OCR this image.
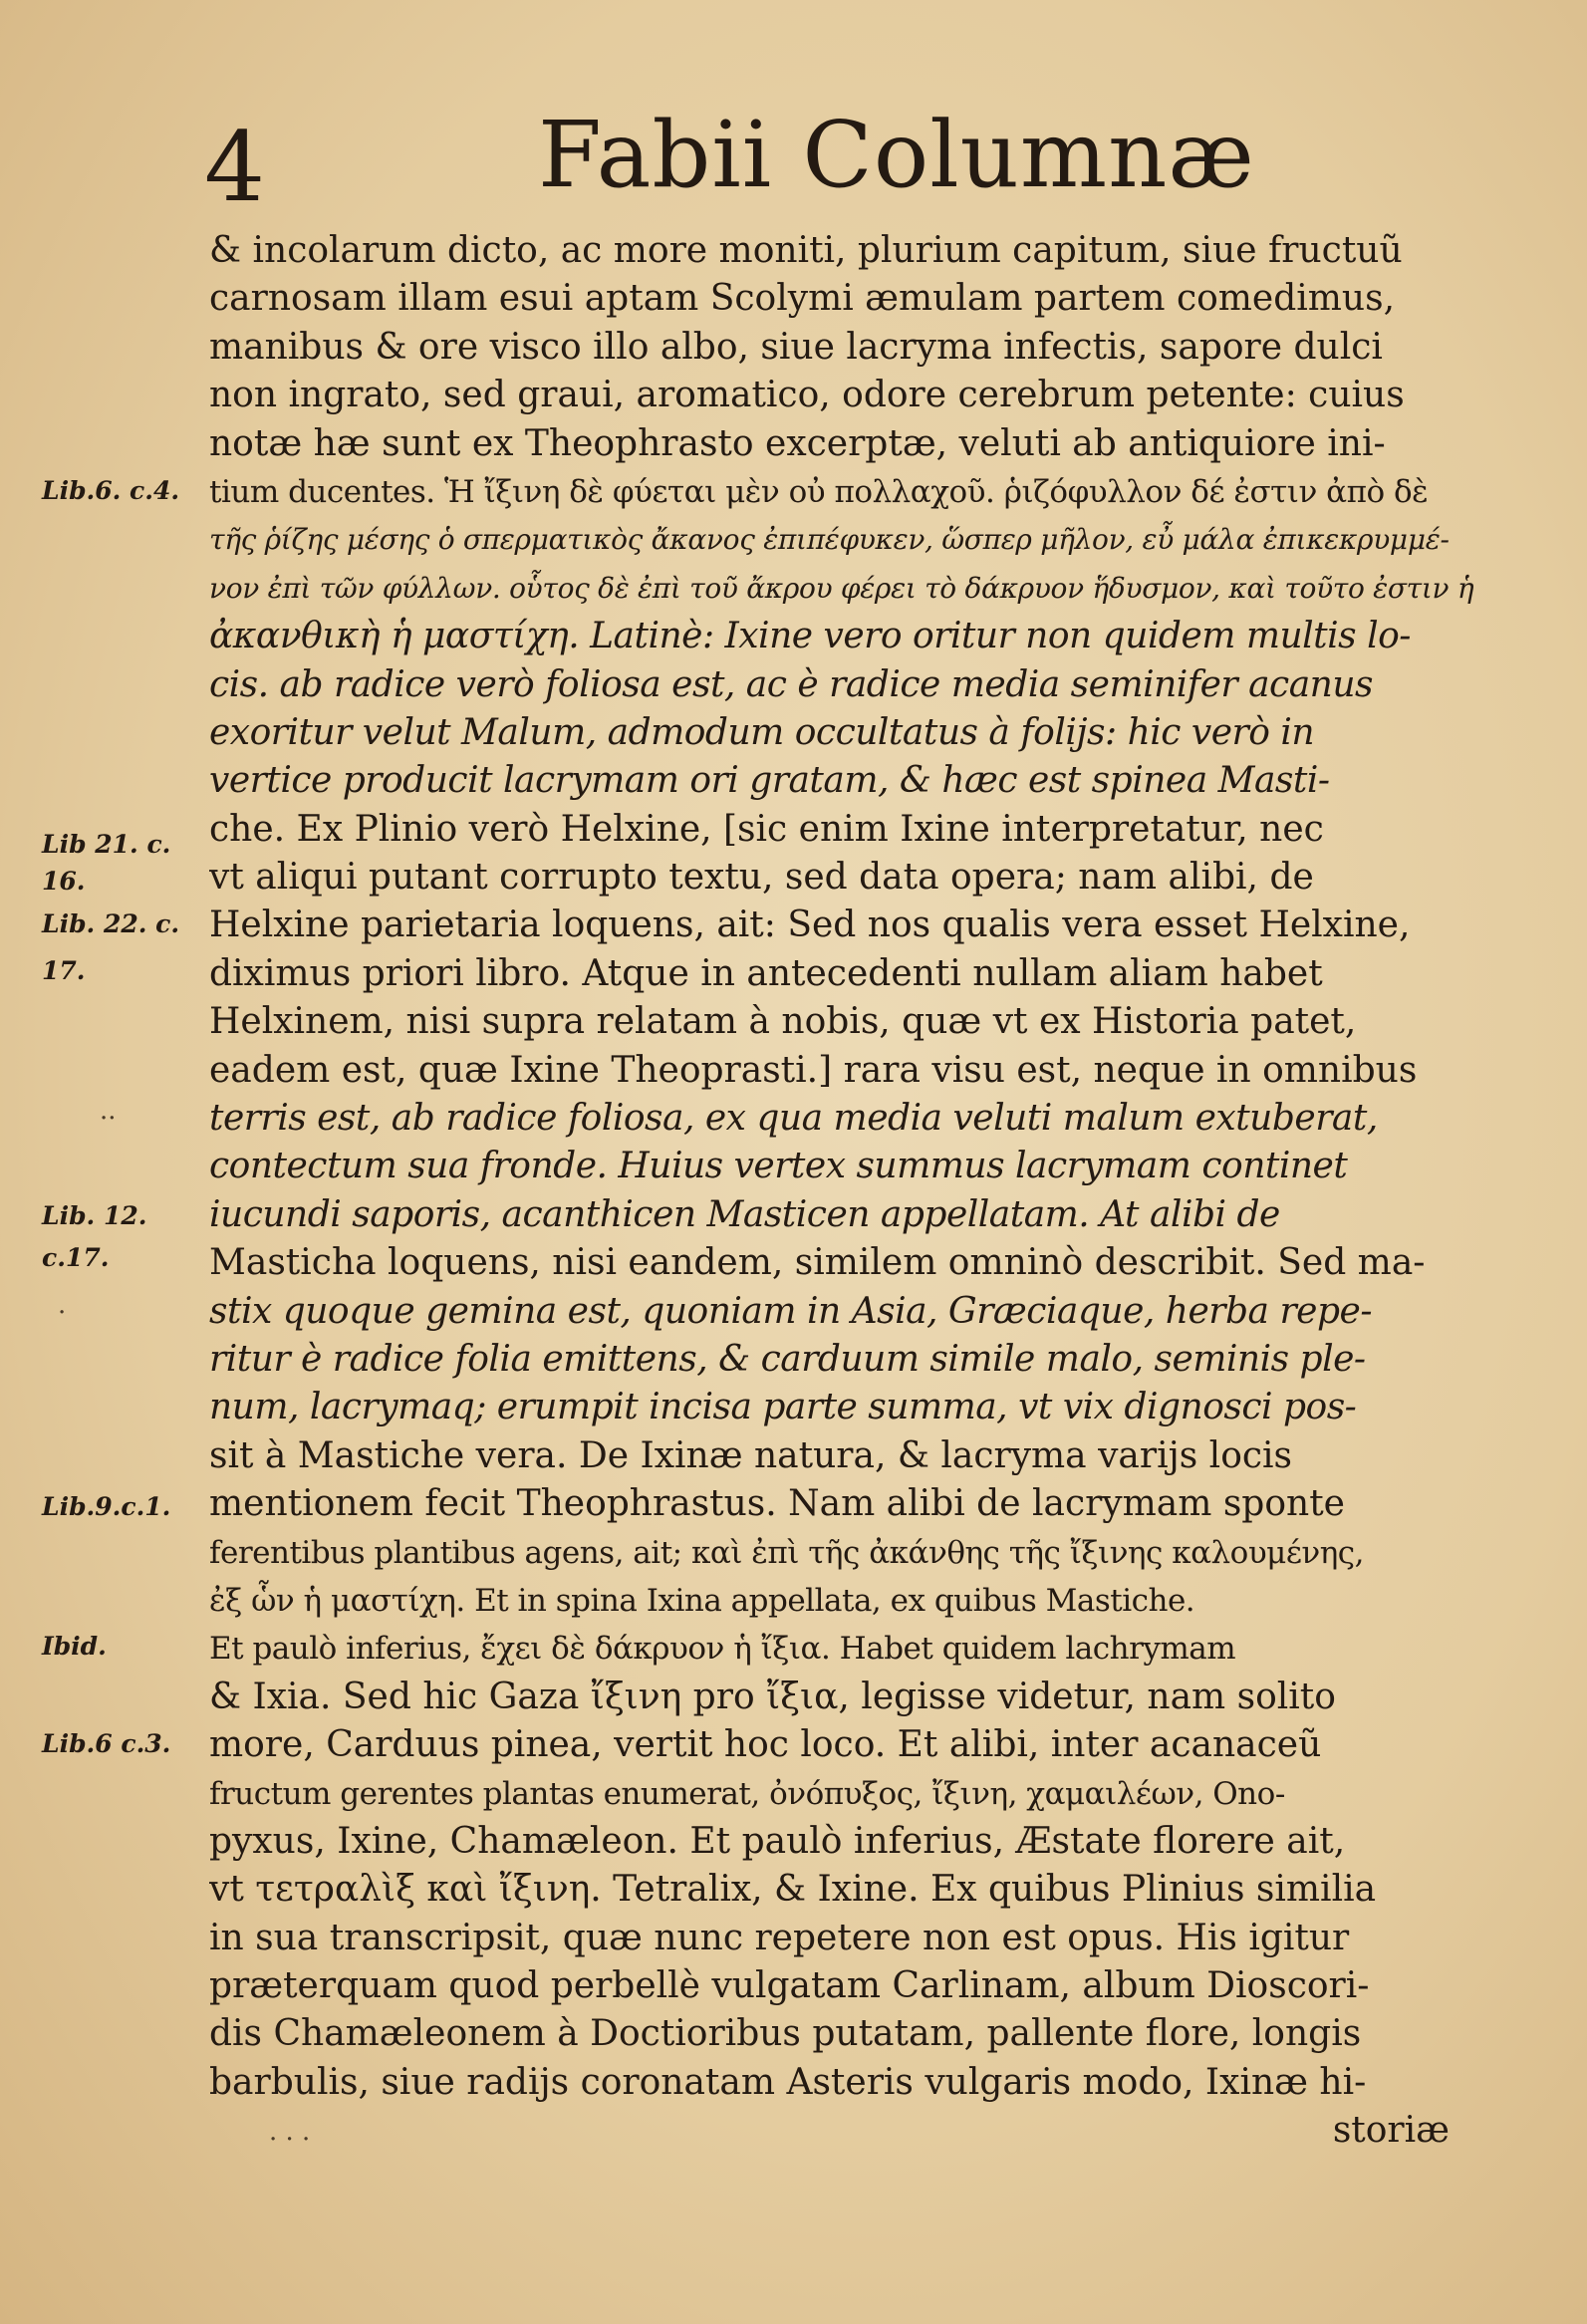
4	Fabii Columnæ
& incolarum dicto, ac more moniti, plurium capitum, siue fructuũ
carnosam illam esui aptam Scolymi æmulam partem comedimus,
manibus & ore visco illo albo, siue lacryma infectis, sapore dulci
non ingrato, sed graui, aromatico, odore cerebrum petente: cuius
notæ hæ sunt ex Theophrasto excerptæ, veluti ab antiquiore ini-
tium ducentes. Ἡ ἴξινη δὲ φύεται μὲν οὐ πολλαχοῦ. ῥιζόφυλλον δέ ἐστιν ἀπὸ δὲ
τῆς ῥίζης μέσης ὁ σπερματικὸς ἄκανος ἐπιπέφυκεν, ὥσπερ μῆλον, εὖ μάλα ἐπικεκρυμμέ-
νον ἐπὶ τῶν φύλλων. οὗτος δὲ ἐπὶ τοῦ ἄκρου φέρει τὸ δάκρυον ἥδυσμον, καὶ τοῦτο ἐστιν ἡ
ἀκανθικὴ ἡ μαστίχη. Latinè: Ixine vero oritur non quidem multis lo-
cis. ab radice verò foliosa est, ac è radice media seminifer acanus
exoritur velut Malum, admodum occultatus à folijs: hic verò in
vertice producit lacrymam ori gratam, & hæc est spinea Masti-
che. Ex Plinio verò Helxine, [sic enim Ixine interpretatur, nec
vt aliqui putant corrupto textu, sed data opera; nam alibi, de
Helxine parietaria loquens, ait: Sed nos qualis vera esset Helxine,
diximus priori libro. Atque in antecedenti nullam aliam habet
Helxinem, nisi supra relatam à nobis, quæ vt ex Historia patet,
eadem est, quæ Ixine Theoprasti.] rara visu est, neque in omnibus
terris est, ab radice foliosa, ex qua media veluti malum extuberat,
contectum sua fronde. Huius vertex summus lacrymam continet
iucundi saporis, acanthicen Masticen appellatam. At alibi de
Masticha loquens, nisi eandem, similem omninò describit. Sed ma-
stix quoque gemina est, quoniam in Asia, Græciaque, herba repe-
ritur è radice folia emittens, & carduum simile malo, seminis ple-
num, lacrymaq; erumpit incisa parte summa, vt vix dignosci pos-
sit à Mastiche vera. De Ixinæ natura, & lacryma varijs locis
mentionem fecit Theophrastus. Nam alibi de lacrymam sponte
ferentibus plantibus agens, ait; καὶ ἐπὶ τῆς ἀκάνθης τῆς ἴξινης καλουμένης,
ἐξ ὧν ἡ μαστίχη. Et in spina Ixina appellata, ex quibus Mastiche.
Et paulò inferius, ἔχει δὲ δάκρυον ἡ ἴξια. Habet quidem lachrymam
& Ixia. Sed hic Gaza ἴξινη pro ἴξια, legisse videtur, nam solito
more, Carduus pinea, vertit hoc loco. Et alibi, inter acanaceũ
fructum gerentes plantas enumerat, ὀνόπυξος, ἴξινη, χαμαιλέων, Ono-
pyxus, Ixine, Chamæleon. Et paulò inferius, Æstate florere ait,
vt τετραλὶξ καὶ ἴξινη. Tetralix, & Ixine. Ex quibus Plinius similia
in sua transcripsit, quæ nunc repetere non est opus. His igitur
præterquam quod perbellè vulgatam Carlinam, album Dioscori-
dis Chamæleonem à Doctioribus putatam, pallente flore, longis
barbulis, siue radijs coronatam Asteris vulgaris modo, Ixinæ hi-
storiæ
Lib.6. c.4.
Lib 21. c.
16.
Lib. 22. c.
17.
Lib. 12.
c.17.
Lib.9.c.1.
Ibid.
Lib.6 c.3.
··
·
· · ·
